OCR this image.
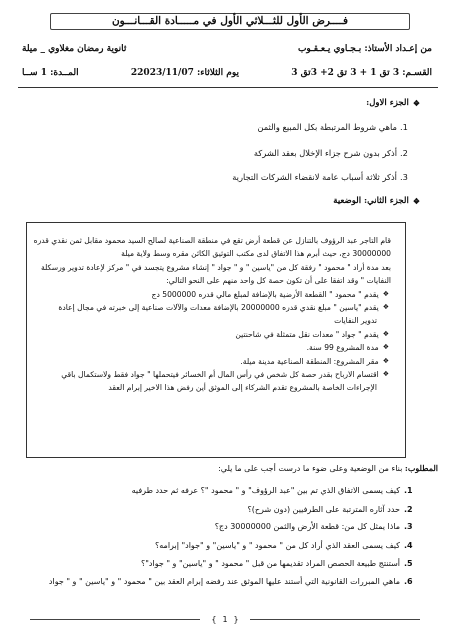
فــــرض الأول للثـــلاثي الأول في مـــــادة القـــانـــون
من إعـداد الأستاذ: بـجـاوي يـعـقـوب
ثانوية رمضان مغلاوي _ ميلة
القسـم: 3 تق 1 + 3 تق 2+ 3تق 3
يوم الثلاثاء: 22023/11/07
المــدة: 1 ســا
❖
الجزء الاول:
1.
ماهي شروط المرتبطة بكل المبيع والثمن
2.
أذكر بدون شرح جزاء الإخلال بعقد الشركة
3.
أذكر ثلاثة أسباب عامة لانقضاء الشركات التجارية
❖
الجزء الثاني: الوضعية

قام التاجر عبد الرؤوف بالتنازل عن قطعة أرض تقع في منطقة الصناعية لصالح السيد محمود مقابل ثمن نقدي قدره

30000000 دج، حيث أبرم هذا الاتفاق لدى مكتب التوثيق الكائن مقره وسط ولاية ميلة

بعد مدة أراد " محمود " رفقة كل من "ياسين " و " جواد " إنشاء مشروع يتجسد في " مركز لإعادة تدوير ورسكلة

النفايات " وقد اتفقا على أن تكون حصة كل واحد منهم على النحو التالي:

❖
يقدم " محمود " القطعة الأرضية بالإضافة لمبلغ مالي قدره 5000000 دج
❖
يقدم "ياسين " مبلغ نقدي قدره 20000000 بالإضافة معدات والآلات صناعية إلى خبرته في مجال إعادة

تدوير النفايات

❖
يقدم " جواد " معدات نقل متمثلة في شاحنتين
❖
مدة المشروع 99 سنة.
❖
مقر المشروع: المنطقة الصناعية مدينة ميلة.
❖
اقتسام الارباح بقدر حصة كل شخص في رأس المال أم الخسائر فيتحملها " جواد فقط ولاستكمال باقي

الإجراءات الخاصة بالمشروع تقدم الشركاء إلى الموثق أين رفض هذا الاخير إبرام العقد

المطلوب: بناء من الوضعية وعلى ضوء ما درست أجب على ما يلي:
1.
كيف يسمى الاتفاق الذي تم بين "عبد الرؤوف" و " محمود "؟ عرفه ثم حدد طرفيه
2.
حدد آثاره المترتبة على الطرفيين (دون شرح)؟
3.
ماذا يمثل كل من: قطعة الأرض والثمن 30000000 دج؟
4.
كيف يسمى العقد الذي أراد كل من " محمود " و "ياسين" و "جواد" إبرامه؟
5.
أستنتج طبيعة الحصص المراد تقديمها من قبل " محمود " و "ياسين" و " جواد"؟
6.
ماهي المبررات القانونية التي أستند عليها الموثق عند رفضه إبرام العقد بين " محمود " و "ياسين " و " جواد
{
1
}
